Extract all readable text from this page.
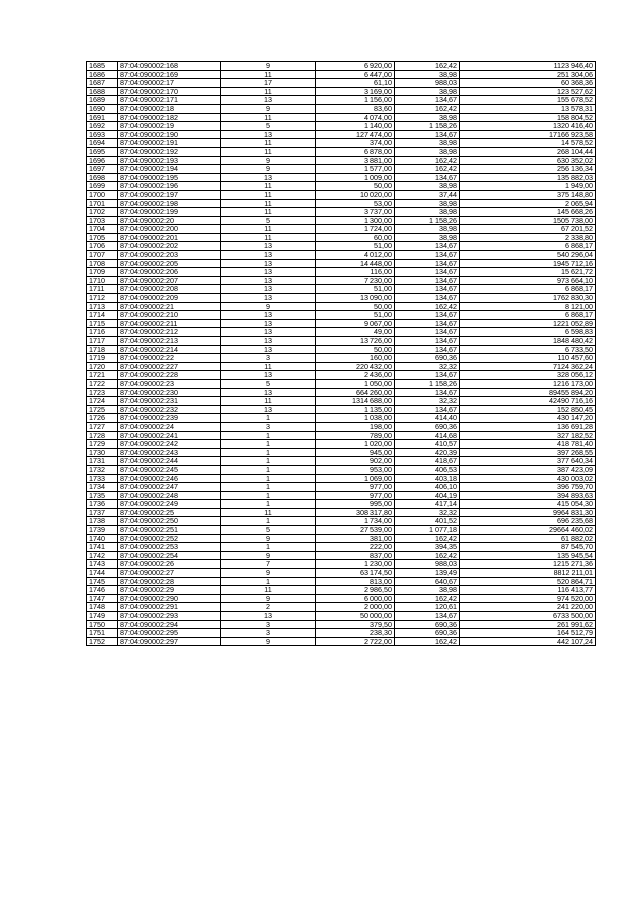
1685	87:04:090002:168	9	6 920,00	162,42	1123 946,40
1686	87:04:090002:169	11	6 447,00	38,98	251 304,06
1687	87:04:090002:17	17	61,10	988,03	60 368,36
1688	87:04:090002:170	11	3 169,00	38,98	123 527,62
1689	87:04:090002:171	13	1 156,00	134,67	155 678,52
1690	87:04:090002:18	9	83,60	162,42	13 578,31
1691	87:04:090002:182	11	4 074,00	38,98	158 804,52
1692	87:04:090002:19	5	1 140,00	1 158,26	1320 416,40
1693	87:04:090002:190	13	127 474,00	134,67	17166 923,58
1694	87:04:090002:191	11	374,00	38,98	14 578,52
1695	87:04:090002:192	11	6 878,00	38,98	268 104,44
1696	87:04:090002:193	9	3 881,00	162,42	630 352,02
1697	87:04:090002:194	9	1 577,00	162,42	256 136,34
1698	87:04:090002:195	13	1 009,00	134,67	135 882,03
1699	87:04:090002:196	11	50,00	38,98	1 949,00
1700	87:04:090002:197	11	10 020,00	37,44	375 148,80
1701	87:04:090002:198	11	53,00	38,98	2 065,94
1702	87:04:090002:199	11	3 737,00	38,98	145 668,26
1703	87:04:090002:20	5	1 300,00	1 158,26	1505 738,00
1704	87:04:090002:200	11	1 724,00	38,98	67 201,52
1705	87:04:090002:201	11	60,00	38,98	2 338,80
1706	87:04:090002:202	13	51,00	134,67	6 868,17
1707	87:04:090002:203	13	4 012,00	134,67	540 296,04
1708	87:04:090002:205	13	14 448,00	134,67	1945 712,16
1709	87:04:090002:206	13	116,00	134,67	15 621,72
1710	87:04:090002:207	13	7 230,00	134,67	973 664,10
1711	87:04:090002:208	13	51,00	134,67	6 868,17
1712	87:04:090002:209	13	13 090,00	134,67	1762 830,30
1713	87:04:090002:21	9	50,00	162,42	8 121,00
1714	87:04:090002:210	13	51,00	134,67	6 868,17
1715	87:04:090002:211	13	9 067,00	134,67	1221 052,89
1716	87:04:090002:212	13	49,00	134,67	6 598,83
1717	87:04:090002:213	13	13 726,00	134,67	1848 480,42
1718	87:04:090002:214	13	50,00	134,67	6 733,50
1719	87:04:090002:22	3	160,00	690,36	110 457,60
1720	87:04:090002:227	11	220 432,00	32,32	7124 362,24
1721	87:04:090002:228	13	2 436,00	134,67	328 056,12
1722	87:04:090002:23	5	1 050,00	1 158,26	1216 173,00
1723	87:04:090002:230	13	664 260,00	134,67	89455 894,20
1724	87:04:090002:231	11	1314 688,00	32,32	42490 716,16
1725	87:04:090002:232	13	1 135,00	134,67	152 850,45
1726	87:04:090002:239	1	1 038,00	414,40	430 147,20
1727	87:04:090002:24	3	198,00	690,36	136 691,28
1728	87:04:090002:241	1	789,00	414,68	327 182,52
1729	87:04:090002:242	1	1 020,00	410,57	418 781,40
1730	87:04:090002:243	1	945,00	420,39	397 268,55
1731	87:04:090002:244	1	902,00	418,67	377 640,34
1732	87:04:090002:245	1	953,00	406,53	387 423,09
1733	87:04:090002:246	1	1 069,00	403,18	430 003,02
1734	87:04:090002:247	1	977,00	406,10	396 759,70
1735	87:04:090002:248	1	977,00	404,19	394 893,63
1736	87:04:090002:249	1	995,00	417,14	415 054,30
1737	87:04:090002:25	11	308 317,80	32,32	9964 831,30
1738	87:04:090002:250	1	1 734,00	401,52	696 235,68
1739	87:04:090002:251	5	27 539,00	1 077,18	29664 460,02
1740	87:04:090002:252	9	381,00	162,42	61 882,02
1741	87:04:090002:253	1	222,00	394,35	87 545,70
1742	87:04:090002:254	9	837,00	162,42	135 945,54
1743	87:04:090002:26	7	1 230,00	988,03	1215 271,36
1744	87:04:090002:27	9	63 174,50	139,49	8812 211,01
1745	87:04:090002:28	1	813,00	640,67	520 864,71
1746	87:04:090002:29	11	2 986,50	38,98	116 413,77
1747	87:04:090002:290	9	6 000,00	162,42	974 520,00
1748	87:04:090002:291	2	2 000,00	120,61	241 220,00
1749	87:04:090002:293	13	50 000,00	134,67	6733 500,00
1750	87:04:090002:294	3	379,50	690,36	261 991,62
1751	87:04:090002:295	3	238,30	690,36	164 512,79
1752	87:04:090002:297	9	2 722,00	162,42	442 107,24
